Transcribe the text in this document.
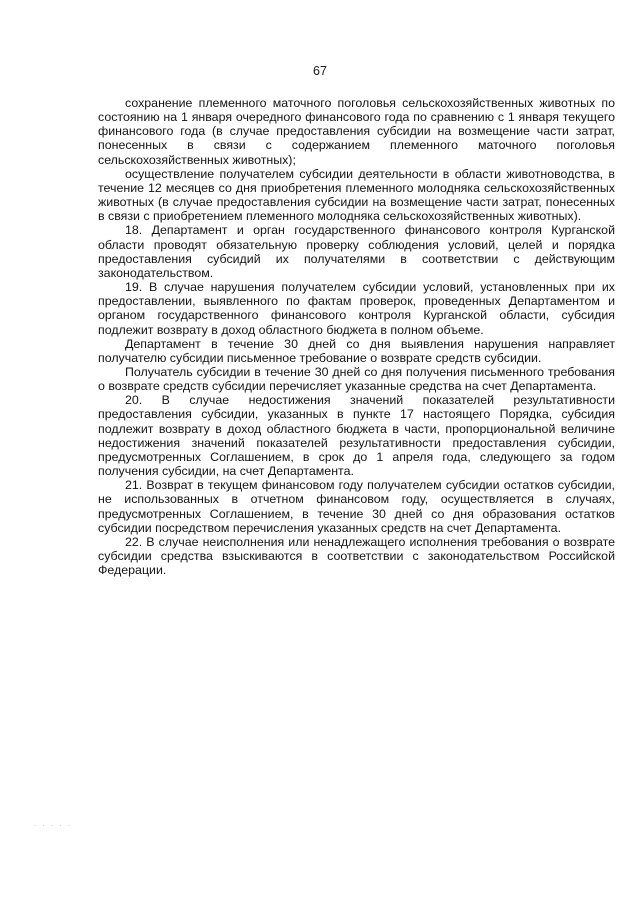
67

сохранение племенного маточного поголовья сельскохозяйственных животных по состоянию на 1 января очередного финансового года по сравнению с 1 января текущего финансового года (в случае предоставления субсидии на возмещение части затрат, понесенных в связи с содержанием племенного маточного поголовья сельскохозяйственных животных);

осуществление получателем субсидии деятельности в области животноводства, в течение 12 месяцев со дня приобретения племенного молодняка сельскохозяйственных животных (в случае предоставления субсидии на возмещение части затрат, понесенных в связи с приобретением племенного молодняка сельскохозяйственных животных).

18. Департамент и орган государственного финансового контроля Курганской области проводят обязательную проверку соблюдения условий, целей и порядка предоставления субсидий их получателями в соответствии с действующим законодательством.

19. В случае нарушения получателем субсидии условий, установленных при их предоставлении, выявленного по фактам проверок, проведенных Департаментом и органом государственного финансового контроля Курганской области, субсидия подлежит возврату в доход областного бюджета в полном объеме.

Департамент в течение 30 дней со дня выявления нарушения направляет получателю субсидии письменное требование о возврате средств субсидии.

Получатель субсидии в течение 30 дней со дня получения письменного требования о возврате средств субсидии перечисляет указанные средства на счет Департамента.

20. В случае недостижения значений показателей результативности предоставления субсидии, указанных в пункте 17 настоящего Порядка, субсидия подлежит возврату в доход областного бюджета в части, пропорциональной величине недостижения значений показателей результативности предоставления субсидии, предусмотренных Соглашением, в срок до 1 апреля года, следующего за годом получения субсидии, на счет Департамента.

21. Возврат в текущем финансовом году получателем субсидии остатков субсидии, не использованных в отчетном финансовом году, осуществляется в случаях, предусмотренных Соглашением, в течение 30 дней со дня образования остатков субсидии посредством перечисления указанных средств на счет Департамента.

22. В случае неисполнения или ненадлежащего исполнения требования о возврате субсидии средства взыскиваются в соответствии с законодательством Российской Федерации.

· · · · ·
